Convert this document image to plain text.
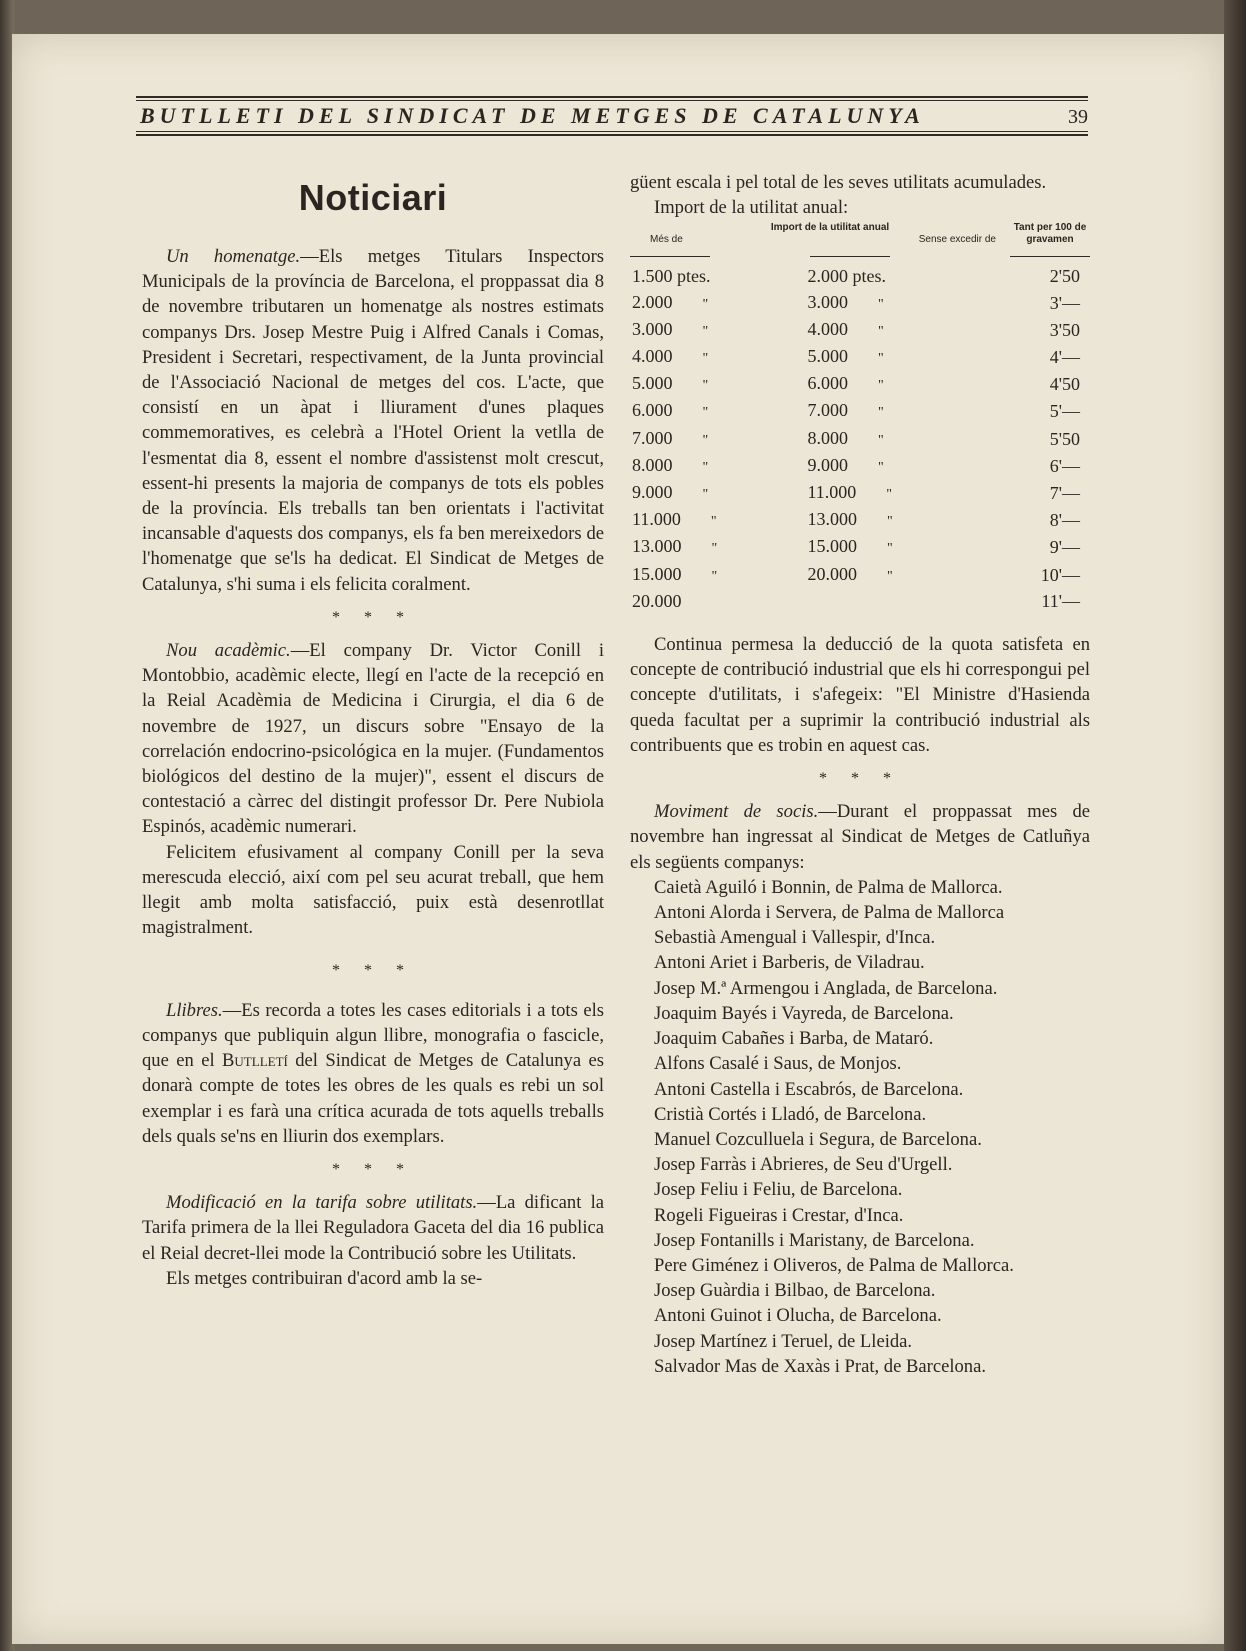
BUTLLETI DEL SINDICAT DE METGES DE CATALUNYA	39
Noticiari

Un homenatge.—Els metges Titulars Inspectors Municipals de la província de Barcelona, el proppassat dia 8 de novembre tributaren un homenatge als nostres estimats companys Drs. Josep Mestre Puig i Alfred Canals i Comas, President i Secretari, respectivament, de la Junta provincial de l'Associació Nacional de metges del cos. L'acte, que consistí en un àpat i lliurament d'unes plaques commemoratives, es celebrà a l'Hotel Orient la vetlla de l'esmentat dia 8, essent el nombre d'assistenst molt crescut, essent-hi presents la majoria de companys de tots els pobles de la província. Els treballs tan ben orientats i l'activitat incansable d'aquests dos companys, els fa ben mereixedors de l'homenatge que se'ls ha dedicat. El Sindicat de Metges de Catalunya, s'hi suma i els felicita coralment.

* * *

Nou acadèmic.—El company Dr. Victor Conill i Montobbio, acadèmic electe, llegí en l'acte de la recepció en la Reial Acadèmia de Medicina i Cirurgia, el dia 6 de novembre de 1927, un discurs sobre "Ensayo de la correlación endocrino-psicológica en la mujer. (Fundamentos biológicos del destino de la mujer)", essent el discurs de contestació a càrrec del distingit professor Dr. Pere Nubiola Espinós, acadèmic numerari.

Felicitem efusivament al company Conill per la seva merescuda elecció, així com pel seu acurat treball, que hem llegit amb molta satisfacció, puix està desenrotllat magistralment.

* * *

Llibres.—Es recorda a totes les cases editorials i a tots els companys que publiquin algun llibre, monografia o fascicle, que en el Butlletí del Sindicat de Metges de Catalunya es donarà compte de totes les obres de les quals es rebi un sol exemplar i es farà una crítica acurada de tots aquells treballs dels quals se'ns en lliurin dos exemplars.

* * *

Modificació en la tarifa sobre utilitats.—La dificant la Tarifa primera de la llei Reguladora Gaceta del dia 16 publica el Reial decret-llei mode la Contribució sobre les Utilitats.

Els metges contribuiran d'acord amb la se-

güent escala i pel total de les seves utilitats acumulades.

Import de la utilitat anual:

Import de la utilitat anual
Més de	Sense excedir de
Tant per 100 de
gravamen
1.500 ptes.	2.000 ptes.	2'50
2.000 "	3.000 "	3'—
3.000 "	4.000 "	3'50
4.000 "	5.000 "	4'—
5.000 "	6.000 "	4'50
6.000 "	7.000 "	5'—
7.000 "	8.000 "	5'50
8.000 "	9.000 "	6'—
9.000 "	11.000 "	7'—
11.000 "	13.000 "	8'—
13.000 "	15.000 "	9'—
15.000 "	20.000 "	10'—
20.000		11'—

Continua permesa la deducció de la quota satisfeta en concepte de contribució industrial que els hi correspongui pel concepte d'utilitats, i s'afegeix: "El Ministre d'Hasienda queda facultat per a suprimir la contribució industrial als contribuents que es trobin en aquest cas.

* * *

Moviment de socis.—Durant el proppassat mes de novembre han ingressat al Sindicat de Metges de Catluñya els següents companys:

Caietà Aguiló i Bonnin, de Palma de Mallorca.

Antoni Alorda i Servera, de Palma de Mallorca

Sebastià Amengual i Vallespir, d'Inca.

Antoni Ariet i Barberis, de Viladrau.

Josep M.ª Armengou i Anglada, de Barcelona.

Joaquim Bayés i Vayreda, de Barcelona.

Joaquim Cabañes i Barba, de Mataró.

Alfons Casalé i Saus, de Monjos.

Antoni Castella i Escabrós, de Barcelona.

Cristià Cortés i Lladó, de Barcelona.

Manuel Cozculluela i Segura, de Barcelona.

Josep Farràs i Abrieres, de Seu d'Urgell.

Josep Feliu i Feliu, de Barcelona.

Rogeli Figueiras i Crestar, d'Inca.

Josep Fontanills i Maristany, de Barcelona.

Pere Giménez i Oliveros, de Palma de Mallorca.

Josep Guàrdia i Bilbao, de Barcelona.

Antoni Guinot i Olucha, de Barcelona.

Josep Martínez i Teruel, de Lleida.

Salvador Mas de Xaxàs i Prat, de Barcelona.
